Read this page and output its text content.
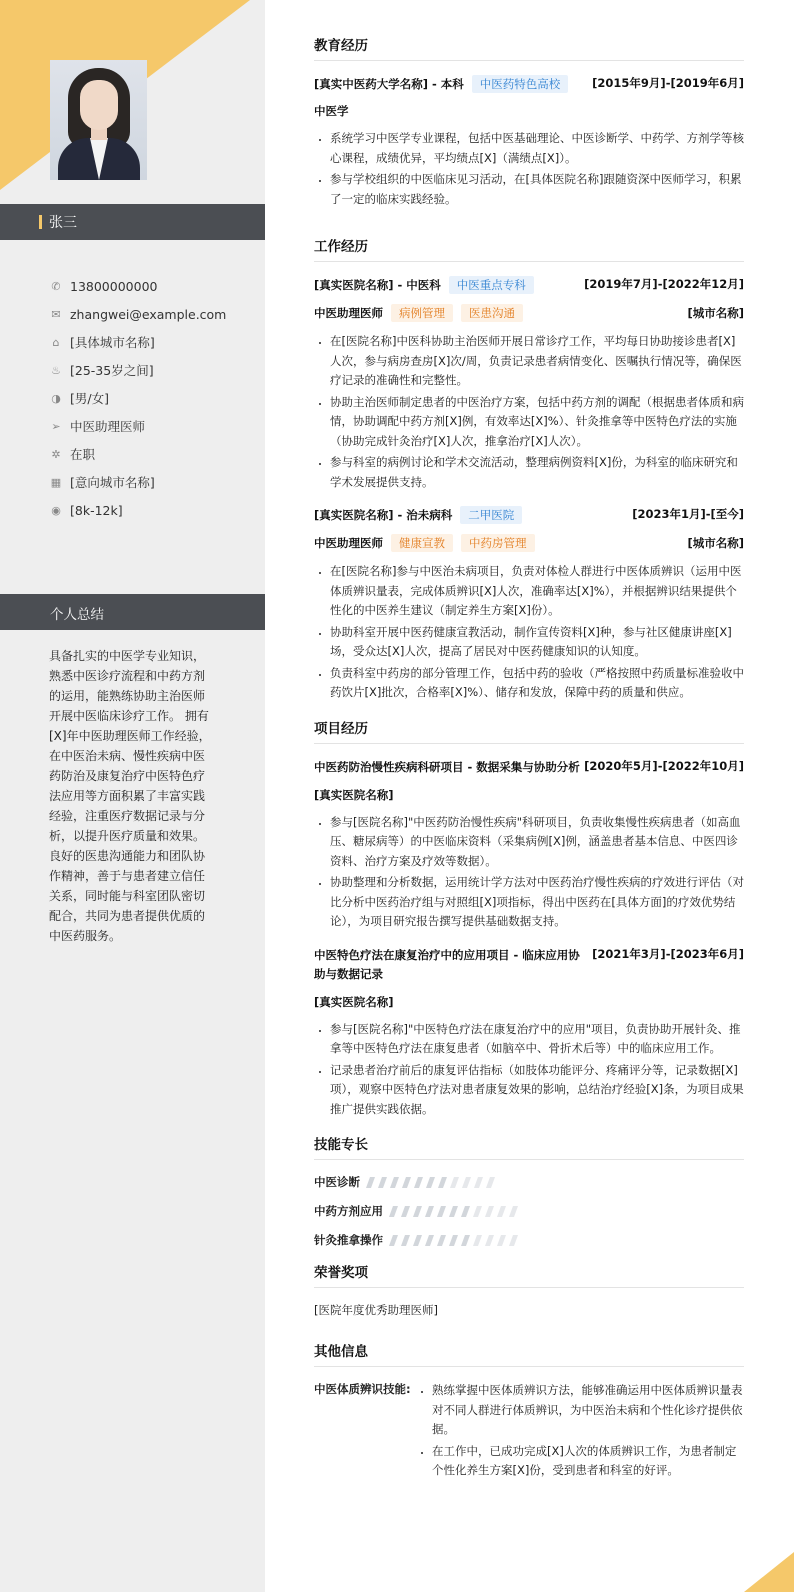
张三
✆ 13800000000
✉ zhangwei@example.com
⌂ [具体城市名称]
♨ [25-35岁之间]
◑ [男/女]
➢ 中医助理医师
✲ 在职
▦ [意向城市名称]
◉ [8k-12k]
个人总结
具备扎实的中医学专业知识，熟悉中医诊疗流程和中药方剂的运用，能熟练协助主治医师开展中医临床诊疗工作。 拥有[X]年中医助理医师工作经验，在中医治未病、慢性疾病中医药防治及康复治疗中医特色疗法应用等方面积累了丰富实践经验，注重医疗数据记录与分析，以提升医疗质量和效果。良好的医患沟通能力和团队协作精神，善于与患者建立信任关系，同时能与科室团队密切配合，共同为患者提供优质的中医药服务。
教育经历
[真实中医药大学名称] - 本科	中医药特色高校	[2015年9月]-[2019年6月]
中医学
• 系统学习中医学专业课程，包括中医基础理论、中医诊断学、中药学、方剂学等核心课程，成绩优异，平均绩点[X]（满绩点[X]）。
• 参与学校组织的中医临床见习活动，在[具体医院名称]跟随资深中医师学习，积累了一定的临床实践经验。
工作经历
[真实医院名称] - 中医科	中医重点专科	[2019年7月]-[2022年12月]
中医助理医师	病例管理	医患沟通	[城市名称]
• 在[医院名称]中医科协助主治医师开展日常诊疗工作，平均每日协助接诊患者[X]人次，参与病房查房[X]次/周，负责记录患者病情变化、医嘱执行情况等，确保医疗记录的准确性和完整性。
• 协助主治医师制定患者的中医治疗方案，包括中药方剂的调配（根据患者体质和病情，协助调配中药方剂[X]例，有效率达[X]%）、针灸推拿等中医特色疗法的实施（协助完成针灸治疗[X]人次，推拿治疗[X]人次）。
• 参与科室的病例讨论和学术交流活动，整理病例资料[X]份，为科室的临床研究和学术发展提供支持。
[真实医院名称] - 治未病科	二甲医院	[2023年1月]-[至今]
中医助理医师	健康宣教	中药房管理	[城市名称]
• 在[医院名称]参与中医治未病项目，负责对体检人群进行中医体质辨识（运用中医体质辨识量表，完成体质辨识[X]人次，准确率达[X]%），并根据辨识结果提供个性化的中医养生建议（制定养生方案[X]份）。
• 协助科室开展中医药健康宣教活动，制作宣传资料[X]种，参与社区健康讲座[X]场，受众达[X]人次，提高了居民对中医药健康知识的认知度。
• 负责科室中药房的部分管理工作，包括中药的验收（严格按照中药质量标准验收中药饮片[X]批次，合格率[X]%）、储存和发放，保障中药的质量和供应。
项目经历
中医药防治慢性疾病科研项目 - 数据采集与协助分析 [2020年5月]-[2022年10月]
[真实医院名称]
• 参与[医院名称]"中医药防治慢性疾病"科研项目，负责收集慢性疾病患者（如高血压、糖尿病等）的中医临床资料（采集病例[X]例，涵盖患者基本信息、中医四诊资料、治疗方案及疗效等数据）。
• 协助整理和分析数据，运用统计学方法对中医药治疗慢性疾病的疗效进行评估（对比分析中医药治疗组与对照组[X]项指标，得出中医药在[具体方面]的疗效优势结论），为项目研究报告撰写提供基础数据支持。
中医特色疗法在康复治疗中的应用项目 - 临床应用协助与数据记录
[2021年3月]-[2023年6月]
[真实医院名称]
• 参与[医院名称]"中医特色疗法在康复治疗中的应用"项目，负责协助开展针灸、推拿等中医特色疗法在康复患者（如脑卒中、骨折术后等）中的临床应用工作。
• 记录患者治疗前后的康复评估指标（如肢体功能评分、疼痛评分等，记录数据[X]项），观察中医特色疗法对患者康复效果的影响，总结治疗经验[X]条，为项目成果推广提供实践依据。
技能专长
中医诊断
中药方剂应用
针灸推拿操作
荣誉奖项
[医院年度优秀助理医师]
其他信息
中医体质辨识技能:
•	熟练掌握中医体质辨识方法，能够准确运用中医体质辨识量表对不同人群进行体质辨识，为中医治未病和个性化诊疗提供依据。
• 在工作中，已成功完成[X]人次的体质辨识工作，为患者制定个性化养生方案[X]份，受到患者和科室的好评。
